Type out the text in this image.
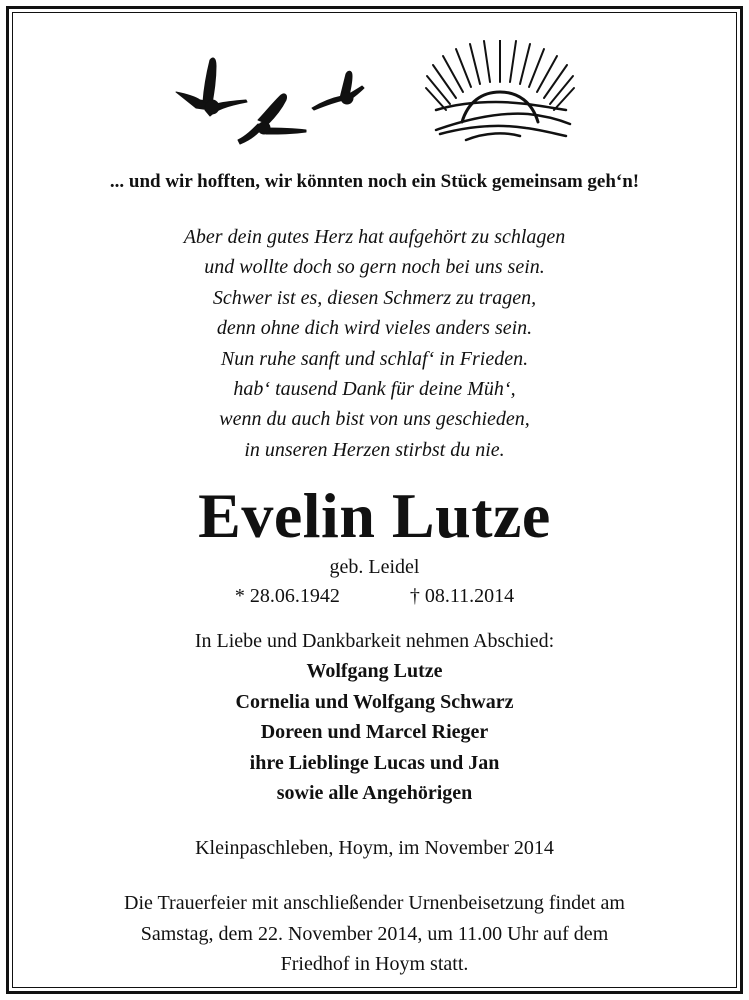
... und wir hofften, wir könnten noch ein Stück gemeinsam geh‘n!
Aber dein gutes Herz hat aufgehört zu schlagen
und wollte doch so gern noch bei uns sein.
Schwer ist es, diesen Schmerz zu tragen,
denn ohne dich wird vieles anders sein.
Nun ruhe sanft und schlaf‘ in Frieden.
hab‘ tausend Dank für deine Müh‘,
wenn du auch bist von uns geschieden,
in unseren Herzen stirbst du nie.
Evelin Lutze
geb. Leidel
* 28.06.1942	† 08.11.2014
In Liebe und Dankbarkeit nehmen Abschied:
Wolfgang Lutze
Cornelia und Wolfgang Schwarz
Doreen und Marcel Rieger
ihre Lieblinge Lucas und Jan
sowie alle Angehörigen
Kleinpaschleben, Hoym, im November 2014
Die Trauerfeier mit anschließender Urnenbeisetzung findet am
Samstag, dem 22. November 2014, um 11.00 Uhr auf dem
Friedhof in Hoym statt.
